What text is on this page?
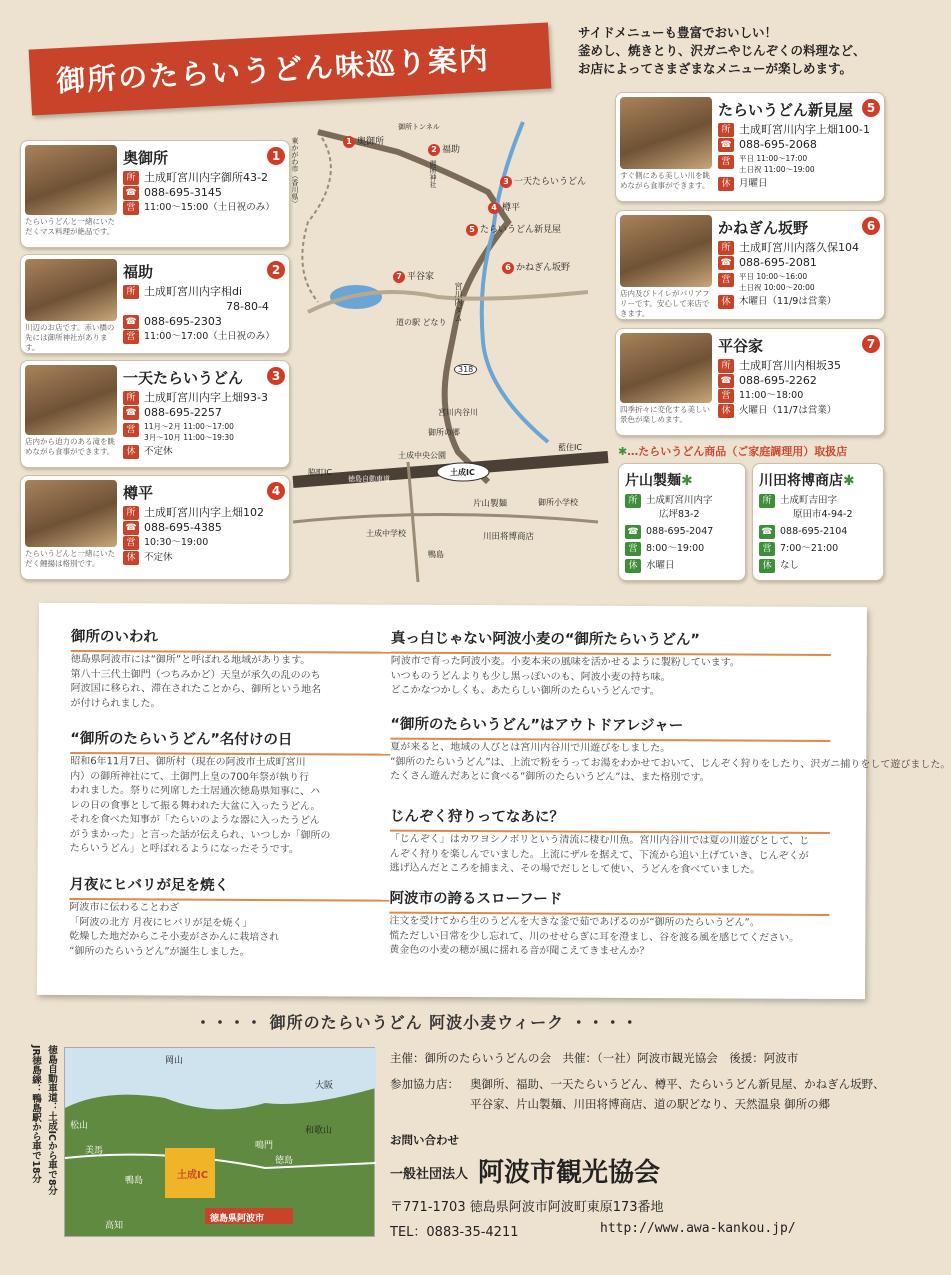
御所のたらいうどん味巡り案内
サイドメニューも豊富でおいしい！
釜めし、焼きとり、沢ガニやじんぞくの料理など、
お店によってさまざまなメニューが楽しめます。
たらいうどんと一緒にいただくマス料理が絶品です。
奥御所	1
所 土成町宮川内字御所43-2
☎ 088-695-3145
営 11:00～15:00（土日祝のみ）
川辺のお店です。赤い橋の先には御所神社があります。
福助	2
所 土成町宮川内字相di
78-80-4
☎ 088-695-2303
営 11:00～17:00（土日祝のみ）
店内から迫力のある滝を眺めながら食事ができます。
一天たらいうどん	3
所 土成町宮川内字上畑93-3
☎ 088-695-2257
営	11月～2月 11:00～17:00
3月～10月 11:00～19:30
休 不定休
たらいうどんと一緒にいただく鯉揚は格別です。
樽平	4
所 土成町宮川内字上畑102
☎ 088-695-4385
営 10:30～19:00
休 不定休
すぐ側にある美しい川を眺めながら食事ができます。
たらいうどん新見屋	5
所 土成町宮川内字上畑100-1
☎ 088-695-2068
営	平日 11:00～17:00
土日祝 11:00～19:00
休 月曜日
店内及びトイレがバリアフリーです。安心して来店できます。
かねぎん坂野	6
所 土成町宮川内落久保104
☎ 088-695-2081
営	平日 10:00～16:00
土日祝 10:00～20:00
休 木曜日（11/9は営業）
四季折々に変化する美しい景色が楽しめます。
平谷家	7
所 土成町宮川内相坂35
☎ 088-695-2262
営 11:00～18:00
休 火曜日（11/7は営業）
1 奥御所
2 福助
3 一天たらいうどん
4 樽平
5 たらいうどん新見屋
6 かねぎん坂野
7 平谷家
御所トンネル
御所神社
東かがわ市（香川県）
道の駅 どなり
宮川内ダム
宮川内谷川
御所の郷
土成中央公園
脇町IC
藍住IC
徳島自動車道
土成IC
片山製麺	御所小学校
川田将博商店
土成中学校
鴨島
318
✱…たらいうどん商品（ご家庭調理用）取扱店
片山製麺✱
所 土成町宮川内字
広坪83-2
☎ 088-695-2047
営 8:00～19:00
休 水曜日
川田将博商店✱
所 土成町吉田字
原田市4-94-2
☎ 088-695-2104
営 7:00～21:00
休 なし
御所のいわれ
徳島県阿波市には“御所”と呼ばれる地域があります。
第八十三代土御門（つちみかど）天皇が承久の乱ののち
阿波国に移られ、滞在されたことから、御所という地名
が付けられました。
“御所のたらいうどん”名付けの日
昭和6年11月7日、御所村（現在の阿波市土成町宮川
内）の御所神社にて、土御門上皇の700年祭が執り行
われました。祭りに列席した土居通次徳島県知事に、ハ
レの日の食事として振る舞われた大盆に入ったうどん。
それを食べた知事が「たらいのような器に入ったうどん
がうまかった」と言った話が伝えられ、いつしか「御所の
たらいうどん」と呼ばれるようになったそうです。
月夜にヒバリが足を焼く
阿波市に伝わることわざ
「阿波の北方 月夜にヒバリが足を焼く」
乾燥した地だからこそ小麦がさかんに栽培され
“御所のたらいうどん”が誕生しました。
真っ白じゃない阿波小麦の“御所たらいうどん”
阿波市で育った阿波小麦。小麦本来の風味を活かせるように製粉しています。
いつものうどんよりも少し黒っぽいのも、阿波小麦の持ち味。
どこかなつかしくも、あたらしい御所のたらいうどんです。
“御所のたらいうどん”はアウトドアレジャー
夏が来ると、地域の人びとは宮川内谷川で川遊びをしました。
“御所のたらいうどん”は、上流で粉をうってお湯をわかせておいて、じんぞく狩りをしたり、沢ガニ捕りをして遊びました。
たくさん遊んだあとに食べる“御所のたらいうどん”は、また格別です。
じんぞく狩りってなあに？
「じんぞく」はカワヨシノボリという清流に棲む川魚。宮川内谷川では夏の川遊びとして、じ
んぞく狩りを楽しんでいました。上流にザルを据えて、下流から追い上げていき、じんぞくが
逃げ込んだところを捕まえ、その場でだしとして使い、うどんを食べていました。
阿波市の誇るスローフード
注文を受けてから生のうどんを大きな釜で茹であげるのが“御所のたらいうどん”。
慌ただしい日常を少し忘れて、川のせせらぎに耳を澄まし、谷を渡る風を感じてください。
黄金色の小麦の穂が風に揺れる音が聞こえてきませんか？
・・・・ 御所のたらいうどん 阿波小麦ウィーク ・・・・
JR徳島線：鴨島駅から車で18分 徳島自動車道：土成ICから車で8分	大阪
和歌山
徳島
鳴門
鴨島
美馬
岡山
高知
松山
土成IC
徳島県阿波市
主催：御所のたらいうどんの会　共催：（一社）阿波市観光協会　後援：阿波市
参加協力店： 奥御所、福助、一天たらいうどん、樽平、たらいうどん新見屋、かねぎん坂野、
平谷家、片山製麺、川田将博商店、道の駅どなり、天然温泉 御所の郷
お問い合わせ
一般社団法人 阿波市観光協会
〒771-1703 徳島県阿波市阿波町東原173番地
TEL：0883-35-4211	http://www.awa-kankou.jp/
